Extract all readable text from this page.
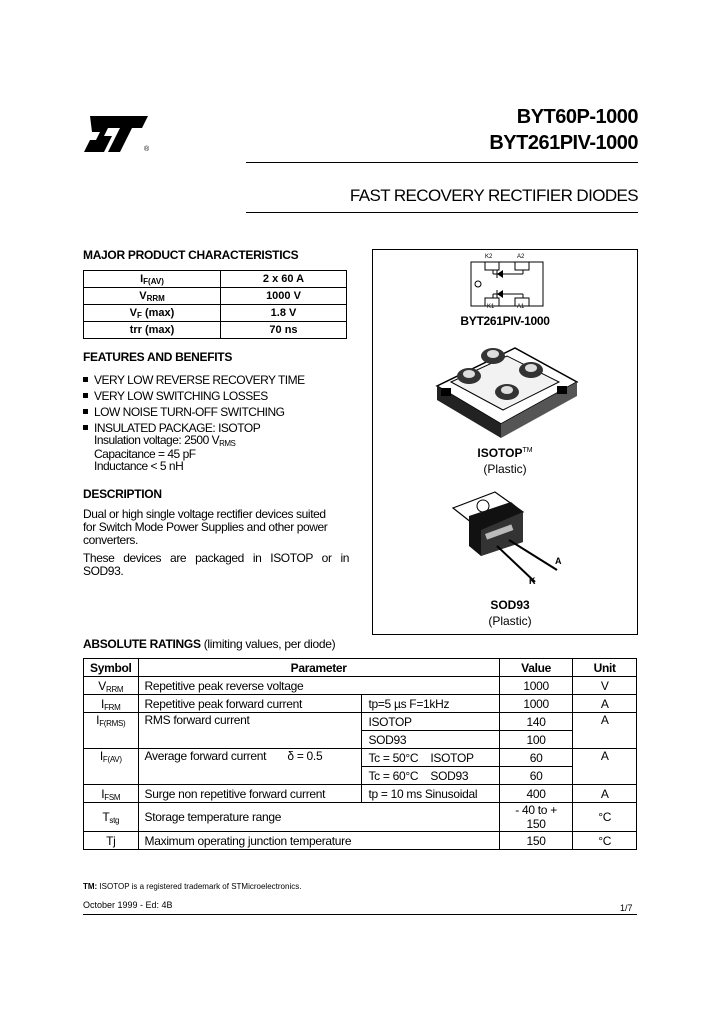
®
BYT60P-1000
BYT261PIV-1000
FAST RECOVERY RECTIFIER DIODES
MAJOR PRODUCT CHARACTERISTICS
$I_{F(AV)}$	2 x 60 A
$V_{RRM}$	1000 V
$V_F$ (max)	1.8 V
trr (max)	70 ns
FEATURES AND BENEFITS
VERY LOW REVERSE RECOVERY TIME
VERY LOW SWITCHING LOSSES
LOW NOISE TURN-OFF SWITCHING
INSULATED PACKAGE: ISOTOP
Insulation voltage: 2500 $V_{RMS}$
Capacitance = 45 pF
Inductance < 5 nH
DESCRIPTION
Dual or high single voltage rectifier devices suited
for Switch Mode Power Supplies and other power
converters.
These devices are packaged in ISOTOP or in
SOD93.
K2	A2
K1	A1
BYT261PIV-1000
ISOTOP™
(Plastic)
A
K
SOD93
(Plastic)
ABSOLUTE RATINGS (limiting values, per diode)
Symbol	Parameter		Value	Unit
$V_{RRM}$	Repetitive peak reverse voltage		1000	V
$I_{FRM}$	Repetitive peak forward current	tp=5 µs F=1kHz	1000	A
$I_{F(RMS)}$	RMS forward current	ISOTOP	140	A
		SOD93	100	
$I_{F(AV)}$	Average forward current δ = 0.5	Tc = 50°C ISOTOP	60	A
		Tc = 60°C SOD93	60	
$I_{FSM}$	Surge non repetitive forward current	tp = 10 ms Sinusoidal	400	A
$T_{stg}$	Storage temperature range		- 40 to + 150	°C
Tj	Maximum operating junction temperature		150	°C
TM: ISOTOP is a registered trademark of STMicroelectronics.
October 1999 - Ed: 4B	1/7
